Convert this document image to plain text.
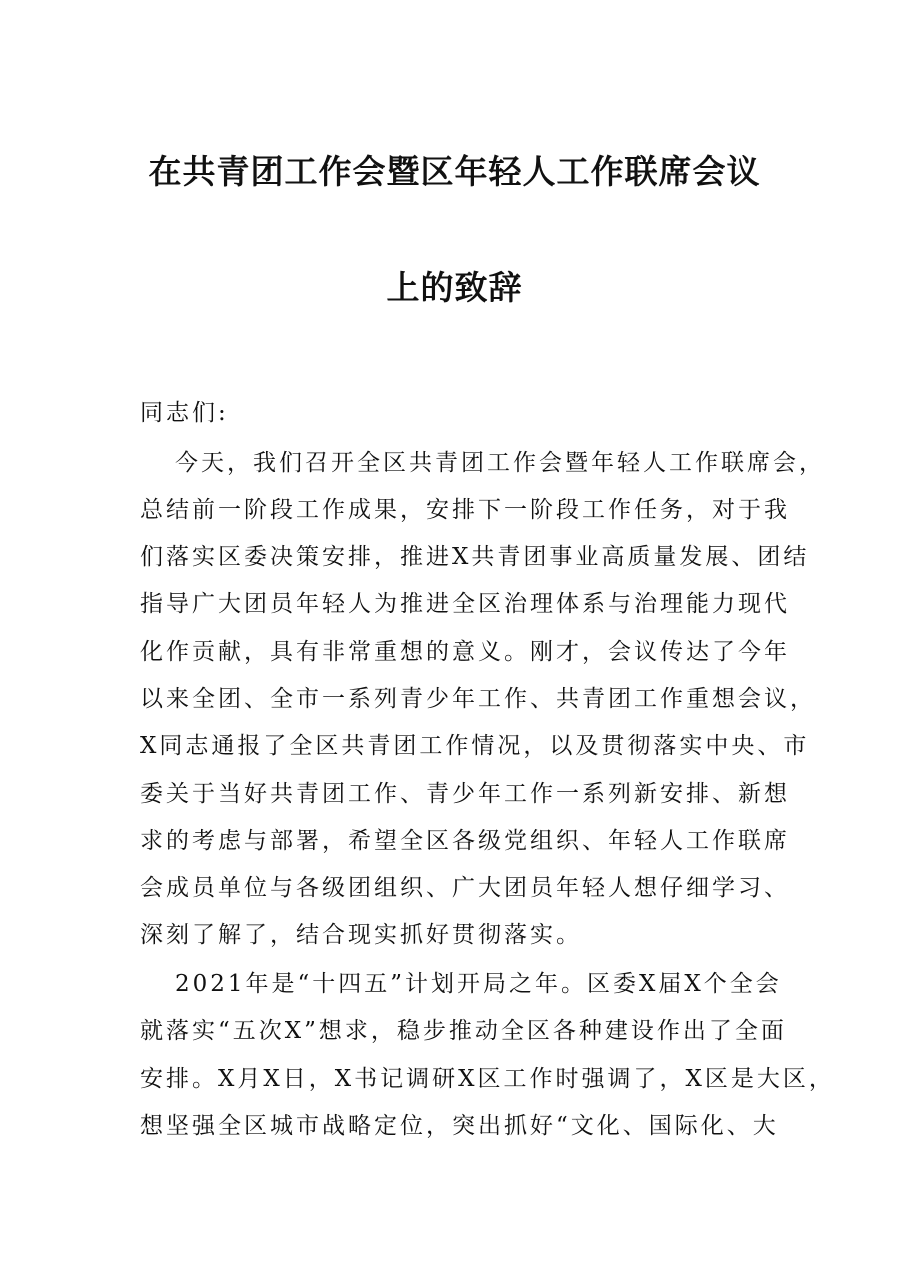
在共青团工作会暨区年轻人工作联席会议
上的致辞
同志们:
今天，我们召开全区共青团工作会暨年轻人工作联席会，
总结前一阶段工作成果，安排下一阶段工作任务，对于我
们落实区委决策安排，推进X共青团事业高质量发展、团结
指导广大团员年轻人为推进全区治理体系与治理能力现代
化作贡献，具有非常重想的意义。刚才，会议传达了今年
以来全团、全市一系列青少年工作、共青团工作重想会议，
X同志通报了全区共青团工作情况，以及贯彻落实中央、市
委关于当好共青团工作、青少年工作一系列新安排、新想
求的考虑与部署，希望全区各级党组织、年轻人工作联席
会成员单位与各级团组织、广大团员年轻人想仔细学习、
深刻了解了，结合现实抓好贯彻落实。
2021年是“十四五”计划开局之年。区委X届X个全会
就落实“五次X”想求，稳步推动全区各种建设作出了全面
安排。X月X日，X书记调研X区工作时强调了，X区是大区，
想坚强全区城市战略定位，突出抓好“文化、国际化、大
